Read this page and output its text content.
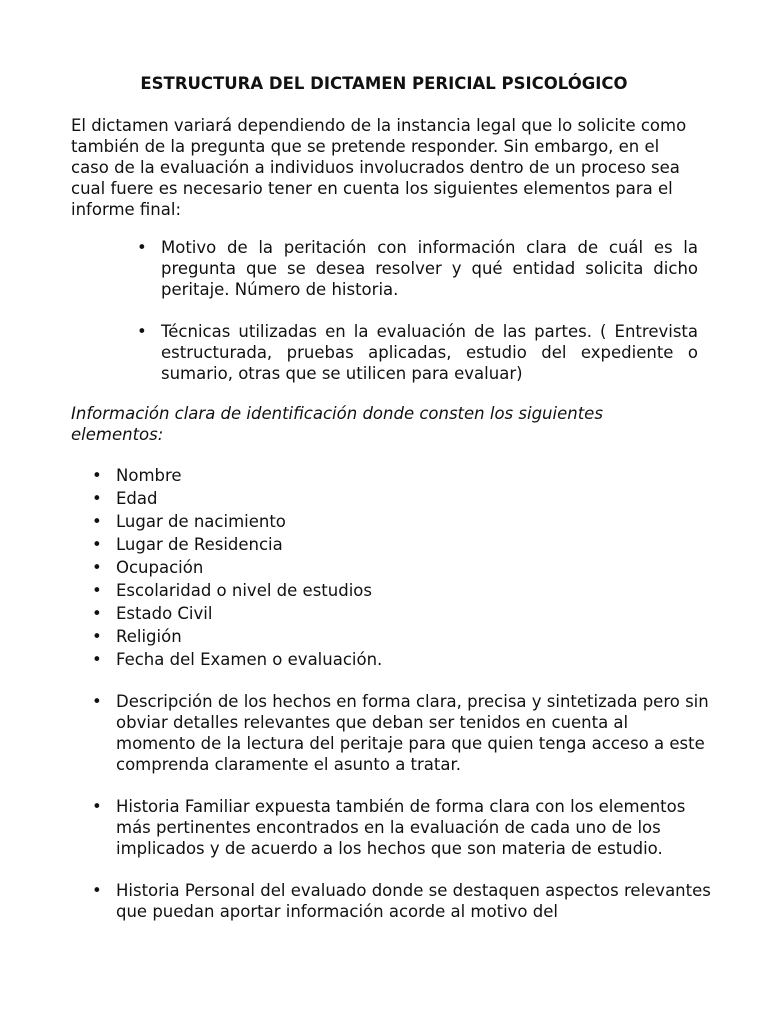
ESTRUCTURA DEL DICTAMEN PERICIAL PSICOLÓGICO

El dictamen variará dependiendo de la instancia legal que lo solicite como también de la pregunta que se pretende responder. Sin embargo, en el caso de la evaluación a individuos involucrados dentro de un proceso sea cual fuere es necesario tener en cuenta los siguientes elementos para el informe final:

• Motivo de la peritación con información clara de cuál es la pregunta que se desea resolver y qué entidad solicita dicho peritaje. Número de historia.
• Técnicas utilizadas en la evaluación de las partes. ( Entrevista estructurada, pruebas aplicadas, estudio del expediente o sumario, otras que se utilicen para evaluar)

Información clara de identificación donde consten los siguientes elementos:

• Nombre
• Edad
• Lugar de nacimiento
• Lugar de Residencia
• Ocupación
• Escolaridad o nivel de estudios
• Estado Civil
• Religión
• Fecha del Examen o evaluación.
• Descripción de los hechos en forma clara, precisa y sintetizada pero sin obviar detalles relevantes que deban ser tenidos en cuenta al momento de la lectura del peritaje para que quien tenga acceso a este comprenda claramente el asunto a tratar.
• Historia Familiar expuesta también de forma clara con los elementos más pertinentes encontrados en la evaluación de cada uno de los implicados y de acuerdo a los hechos que son materia de estudio.
• Historia Personal del evaluado donde se destaquen aspectos relevantes que puedan aportar información acorde al motivo del
